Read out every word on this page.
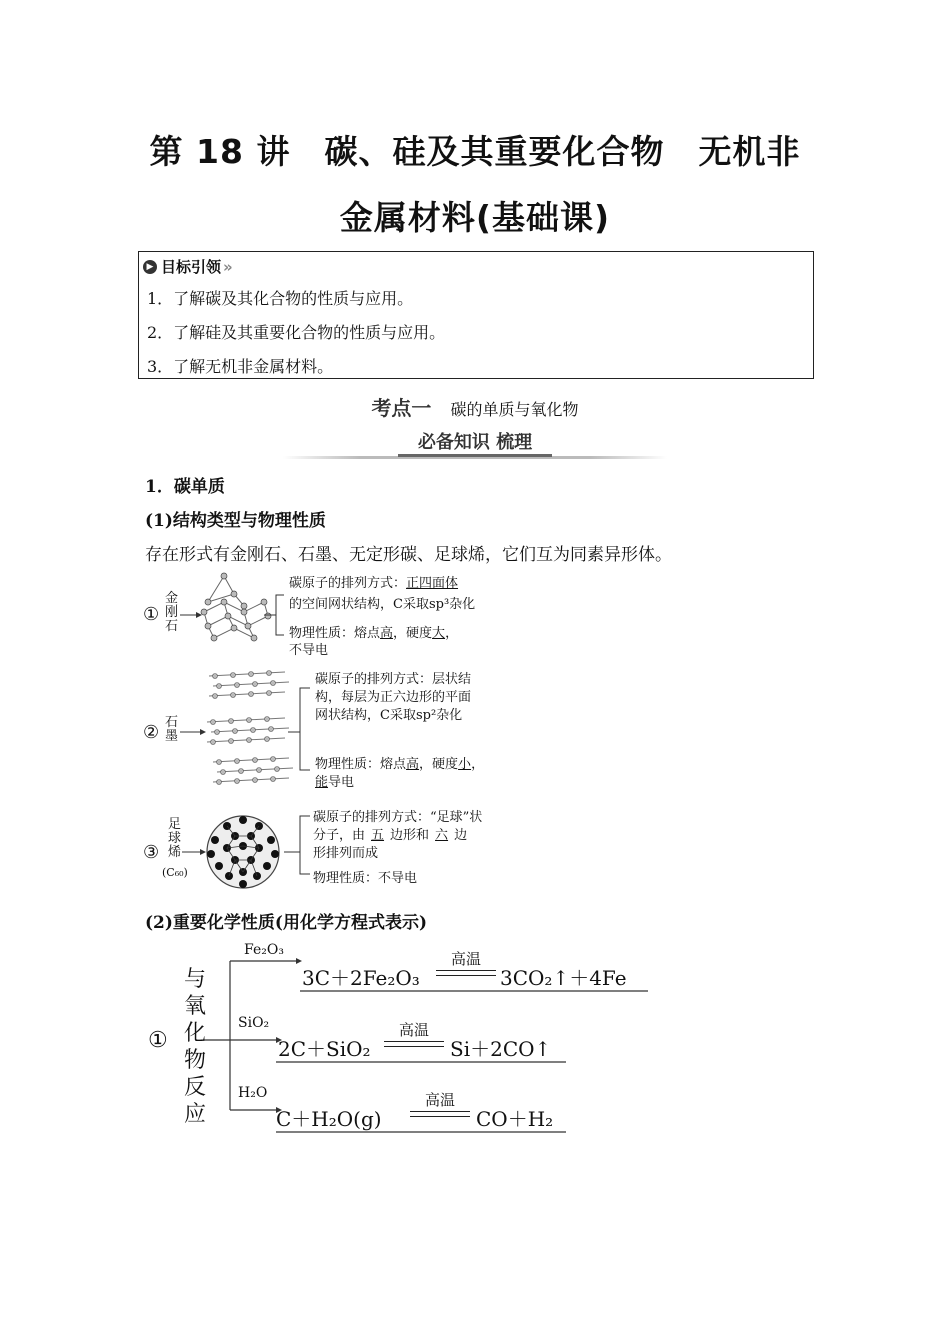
第 18 讲　碳、硅及其重要化合物　无机非
金属材料(基础课)
▶ 目标引领 »
1．了解碳及其化合物的性质与应用。
2．了解硅及其重要化合物的性质与应用。
3．了解无机非金属材料。
考点一 碳的单质与氧化物
必备知识 梳理
1．碳单质
(1)结构类型与物理性质
存在形式有金刚石、石墨、无定形碳、足球烯，它们互为同素异形体。
①
金刚石
碳原子的排列方式：正四面体
的空间网状结构，C采取sp³杂化
物理性质：熔点高，硬度大，
不导电
② 石墨
碳原子的排列方式：层状结
构，每层为正六边形的平面
网状结构，C采取sp²杂化
物理性质：熔点高，硬度小，
能导电
③
足球烯
(C₆₀)
碳原子的排列方式：“足球”状
分子，由 五 边形和 六 边
形排列而成
物理性质：不导电
(2)重要化学性质(用化学方程式表示)
①
与氧化物反应
Fe₂O₃
3C＋2Fe₂O₃
高温
3CO₂↑＋4Fe
SiO₂
2C＋SiO₂
高温
Si＋2CO↑
H₂O
C＋H₂O(g)
高温
CO＋H₂
